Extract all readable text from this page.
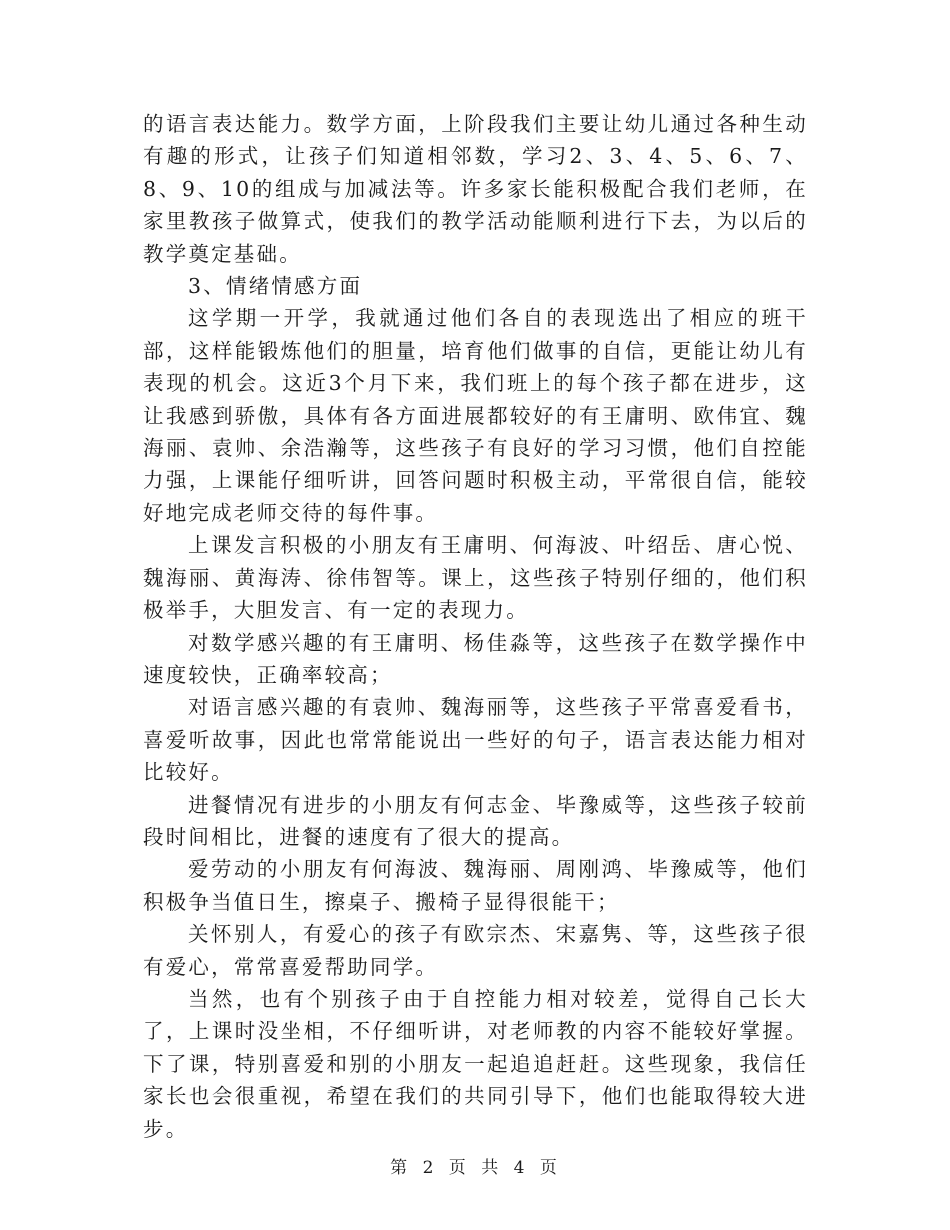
的语言表达能力。数学方面，上阶段我们主要让幼儿通过各种生动有趣的形式，让孩子们知道相邻数，学习2、3、4、5、6、7、8、9、10的组成与加减法等。许多家长能积极配合我们老师，在家里教孩子做算式，使我们的教学活动能顺利进行下去，为以后的教学奠定基础。

3、情绪情感方面

这学期一开学，我就通过他们各自的表现选出了相应的班干部，这样能锻炼他们的胆量，培育他们做事的自信，更能让幼儿有表现的机会。这近3个月下来，我们班上的每个孩子都在进步，这让我感到骄傲，具体有各方面进展都较好的有王庸明、欧伟宜、魏海丽、袁帅、余浩瀚等，这些孩子有良好的学习习惯，他们自控能力强，上课能仔细听讲，回答问题时积极主动，平常很自信，能较好地完成老师交待的每件事。

上课发言积极的小朋友有王庸明、何海波、叶绍岳、唐心悦、魏海丽、黄海涛、徐伟智等。课上，这些孩子特别仔细的，他们积极举手，大胆发言、有一定的表现力。

对数学感兴趣的有王庸明、杨佳淼等，这些孩子在数学操作中速度较快，正确率较高；

对语言感兴趣的有袁帅、魏海丽等，这些孩子平常喜爱看书，喜爱听故事，因此也常常能说出一些好的句子，语言表达能力相对比较好。

进餐情况有进步的小朋友有何志金、毕豫威等，这些孩子较前段时间相比，进餐的速度有了很大的提高。

爱劳动的小朋友有何海波、魏海丽、周刚鸿、毕豫威等，他们积极争当值日生，擦桌子、搬椅子显得很能干；

关怀别人，有爱心的孩子有欧宗杰、宋嘉隽、等，这些孩子很有爱心，常常喜爱帮助同学。

当然，也有个别孩子由于自控能力相对较差，觉得自己长大了，上课时没坐相，不仔细听讲，对老师教的内容不能较好掌握。下了课，特别喜爱和别的小朋友一起追追赶赶。这些现象，我信任家长也会很重视，希望在我们的共同引导下，他们也能取得较大进步。

第 2 页 共 4 页
